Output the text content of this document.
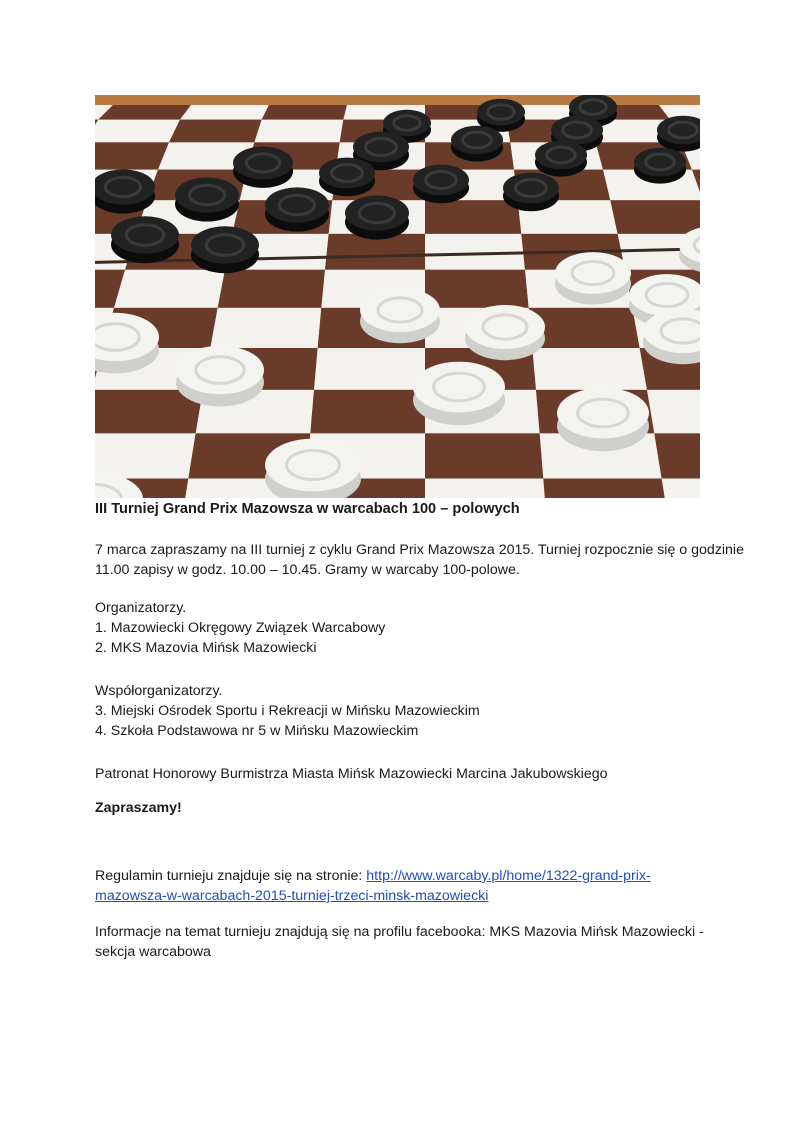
III Turniej Grand Prix Mazowsza w warcabach 100 – polowych
7 marca zapraszamy na III turniej z cyklu Grand Prix Mazowsza 2015. Turniej rozpocznie się o godzinie
11.00 zapisy w godz. 10.00 – 10.45. Gramy w warcaby 100-polowe.
Organizatorzy.
1. Mazowiecki Okręgowy Związek Warcabowy
2. MKS Mazovia Mińsk Mazowiecki
Współorganizatorzy.
3. Miejski Ośrodek Sportu i Rekreacji w Mińsku Mazowieckim
4. Szkoła Podstawowa nr 5 w Mińsku Mazowieckim
Patronat Honorowy Burmistrza Miasta Mińsk Mazowiecki Marcina Jakubowskiego
Zapraszamy!
Regulamin turnieju znajduje się na stronie: http://www.warcaby.pl/home/1322-grand-prix-
mazowsza-w-warcabach-2015-turniej-trzeci-minsk-mazowiecki
Informacje na temat turnieju znajdują się na profilu facebooka: MKS Mazovia Mińsk Mazowiecki -
sekcja warcabowa
